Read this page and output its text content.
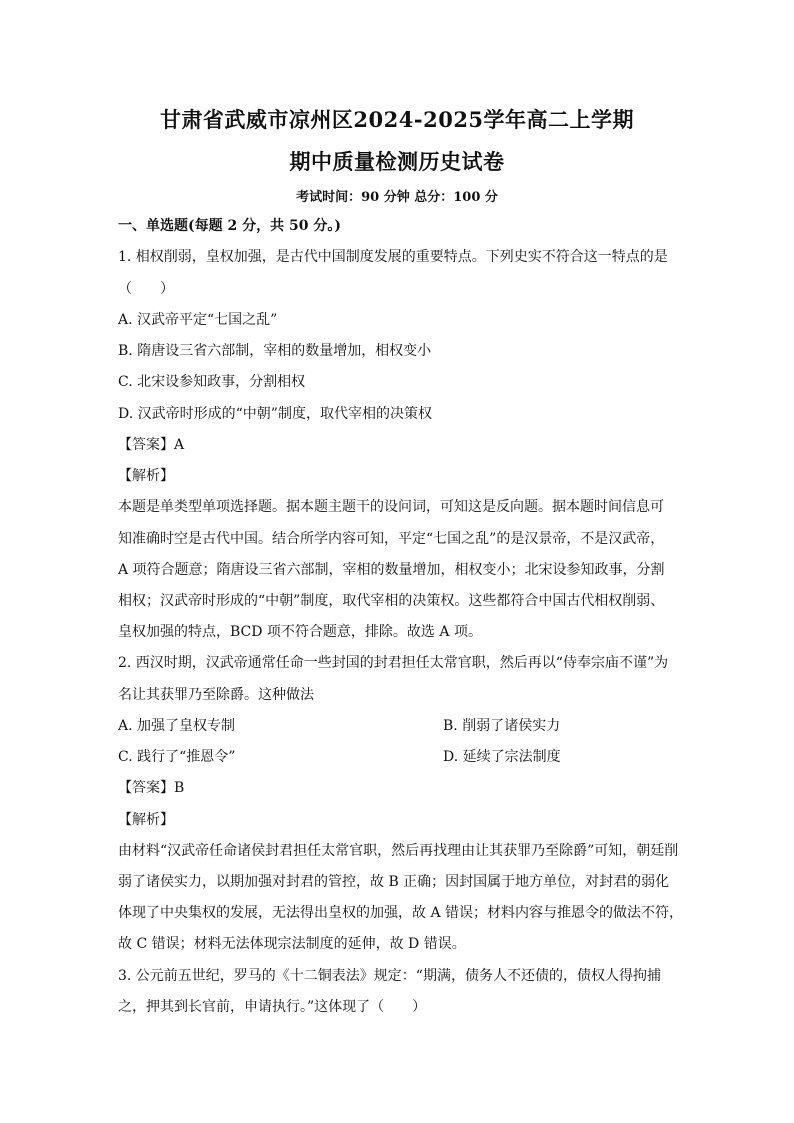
甘肃省武威市凉州区2024-2025学年高二上学期
期中质量检测历史试卷
考试时间：90 分钟 总分：100 分
一、单选题(每题 2 分，共 50 分。)
1. 相权削弱，皇权加强，是古代中国制度发展的重要特点。下列史实不符合这一特点的是
（　　）
A. 汉武帝平定“七国之乱”
B. 隋唐设三省六部制，宰相的数量增加，相权变小
C. 北宋设参知政事，分割相权
D. 汉武帝时形成的“中朝”制度，取代宰相的决策权
【答案】A
【解析】
本题是单类型单项选择题。据本题主题干的设问词，可知这是反向题。据本题时间信息可
知准确时空是古代中国。结合所学内容可知，平定“七国之乱”的是汉景帝，不是汉武帝，
A 项符合题意；隋唐设三省六部制，宰相的数量增加，相权变小；北宋设参知政事，分割
相权；汉武帝时形成的“中朝”制度，取代宰相的决策权。这些都符合中国古代相权削弱、
皇权加强的特点，BCD 项不符合题意，排除。故选 A 项。
2. 西汉时期，汉武帝通常任命一些封国的封君担任太常官职，然后再以“侍奉宗庙不谨”为
名让其获罪乃至除爵。这种做法
A. 加强了皇权专制	B. 削弱了诸侯实力
C. 践行了“推恩令”	D. 延续了宗法制度
【答案】B
【解析】
由材料“汉武帝任命诸侯封君担任太常官职，然后再找理由让其获罪乃至除爵”可知，朝廷削
弱了诸侯实力，以期加强对封君的管控，故 B 正确；因封国属于地方单位，对封君的弱化
体现了中央集权的发展，无法得出皇权的加强，故 A 错误；材料内容与推恩令的做法不符，
故 C 错误；材料无法体现宗法制度的延伸，故 D 错误。
3. 公元前五世纪，罗马的《十二铜表法》规定：“期满，债务人不还债的，债权人得拘捕
之，押其到长官前，申请执行。”这体现了（　　）
